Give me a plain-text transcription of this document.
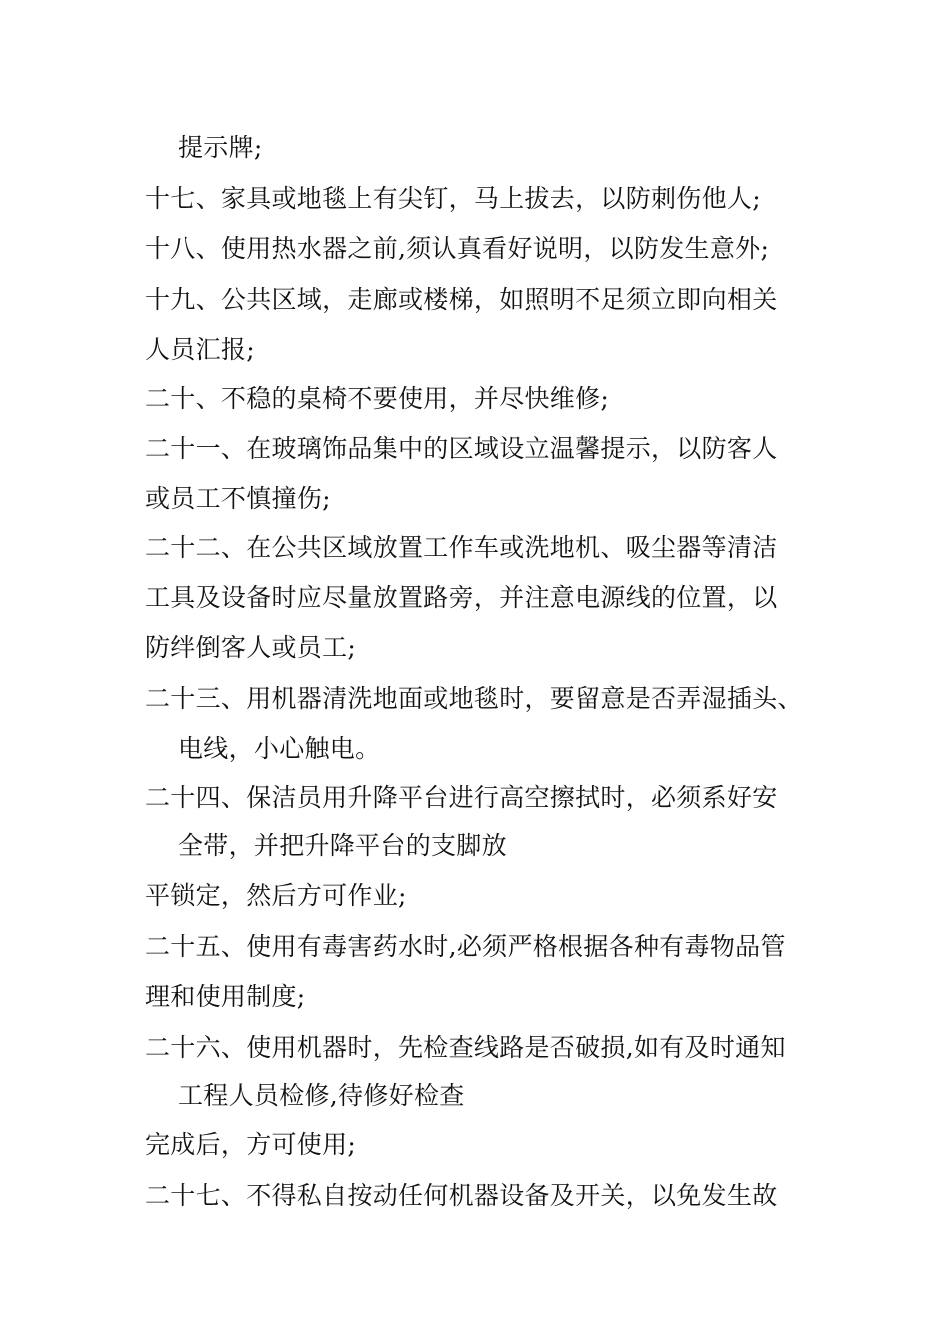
提示牌;
十七、家具或地毯上有尖钉，马上拔去，以防刺伤他人;
十八、使用热水器之前,须认真看好说明，以防发生意外;
十九、公共区域，走廊或楼梯，如照明不足须立即向相关
人员汇报;
二十、不稳的桌椅不要使用，并尽快维修;
二十一、在玻璃饰品集中的区域设立温馨提示，以防客人
或员工不慎撞伤;
二十二、在公共区域放置工作车或洗地机、吸尘器等清洁
工具及设备时应尽量放置路旁，并注意电源线的位置，以
防绊倒客人或员工;
二十三、用机器清洗地面或地毯时，要留意是否弄湿插头、
电线，小心触电。
二十四、保洁员用升降平台进行高空擦拭时，必须系好安
全带，并把升降平台的支脚放
平锁定，然后方可作业;
二十五、使用有毒害药水时,必须严格根据各种有毒物品管
理和使用制度;
二十六、使用机器时，先检查线路是否破损,如有及时通知
工程人员检修,待修好检查
完成后，方可使用;
二十七、不得私自按动任何机器设备及开关，以免发生故
